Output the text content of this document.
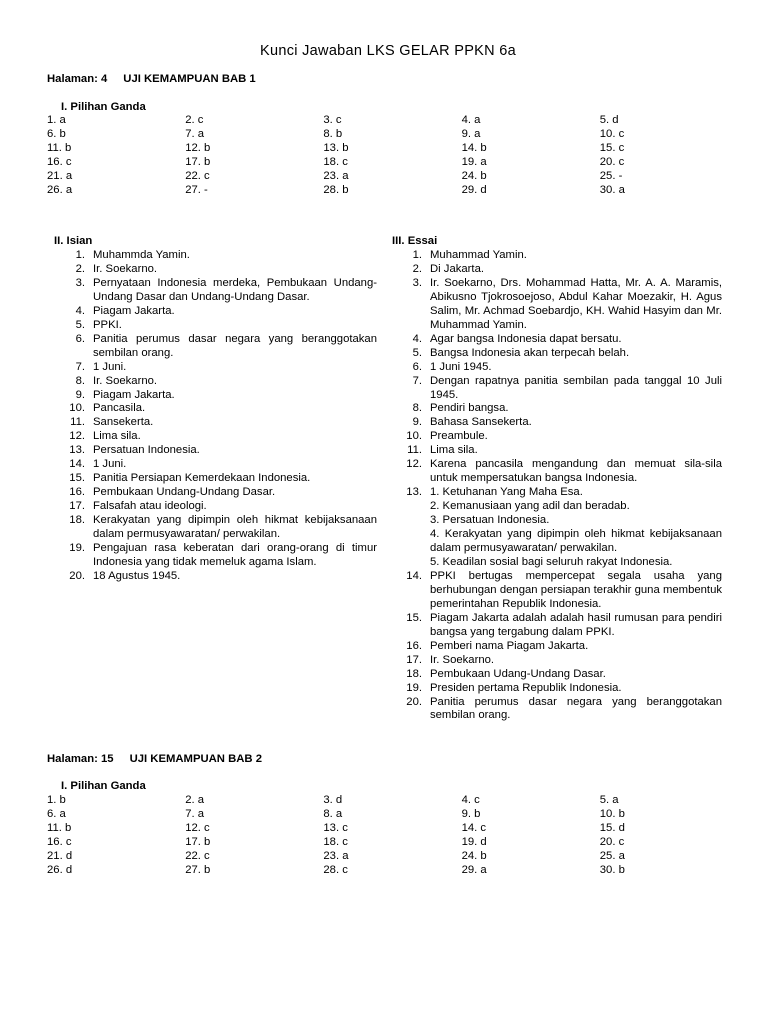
Kunci Jawaban LKS GELAR PPKN 6a
Halaman: 4 UJI KEMAMPUAN BAB 1
I. Pilihan Ganda
1. a	2. c	3. c	4. a	5. d
6. b	7. a	8. b	9. a	10. c
11. b	12. b	13. b	14. b	15. c
16. c	17. b	18. c	19. a	20. c
21. a	22. c	23. a	24. b	25. -
26. a	27. -	28. b	29. d	30. a
II. Isian
1. Muhammda Yamin.
2. Ir. Soekarno.
3. Pernyataan Indonesia merdeka, Pembukaan Undang-Undang Dasar dan Undang-Undang Dasar.
4. Piagam Jakarta.
5. PPKI.
6. Panitia perumus dasar negara yang beranggotakan sembilan orang.
7. 1 Juni.
8. Ir. Soekarno.
9. Piagam Jakarta.
10. Pancasila.
11. Sansekerta.
12. Lima sila.
13. Persatuan Indonesia.
14. 1 Juni.
15. Panitia Persiapan Kemerdekaan Indonesia.
16. Pembukaan Undang-Undang Dasar.
17. Falsafah atau ideologi.
18. Kerakyatan yang dipimpin oleh hikmat kebijaksanaan dalam permusyawaratan/ perwakilan.
19. Pengajuan rasa keberatan dari orang-orang di timur Indonesia yang tidak memeluk agama Islam.
20. 18 Agustus 1945.
III. Essai
1. Muhammad Yamin.
2. Di Jakarta.
3. Ir. Soekarno, Drs. Mohammad Hatta, Mr. A. A. Maramis, Abikusno Tjokrosoejoso, Abdul Kahar Moezakir, H. Agus Salim, Mr. Achmad Soebardjo, KH. Wahid Hasyim dan Mr. Muhammad Yamin.
4. Agar bangsa Indonesia dapat bersatu.
5. Bangsa Indonesia akan terpecah belah.
6. 1 Juni 1945.
7. Dengan rapatnya panitia sembilan pada tanggal 10 Juli 1945.
8. Pendiri bangsa.
9. Bahasa Sansekerta.
10. Preambule.
11. Lima sila.
12. Karena pancasila mengandung dan memuat sila-sila untuk mempersatukan bangsa Indonesia.
13. 1. Ketuhanan Yang Maha Esa.
2. Kemanusiaan yang adil dan beradab.
3. Persatuan Indonesia.
4. Kerakyatan yang dipimpin oleh hikmat kebijaksanaan dalam permusyawaratan/ perwakilan.
5. Keadilan sosial bagi seluruh rakyat Indonesia.
14. PPKI bertugas mempercepat segala usaha yang berhubungan dengan persiapan terakhir guna membentuk pemerintahan Republik Indonesia.
15. Piagam Jakarta adalah adalah hasil rumusan para pendiri bangsa yang tergabung dalam PPKI.
16. Pemberi nama Piagam Jakarta.
17. Ir. Soekarno.
18. Pembukaan Udang-Undang Dasar.
19. Presiden pertama Republik Indonesia.
20. Panitia perumus dasar negara yang beranggotakan sembilan orang.
Halaman: 15 UJI KEMAMPUAN BAB 2
I. Pilihan Ganda
1. b	2. a	3. d	4. c	5. a
6. a	7. a	8. a	9. b	10. b
11. b	12. c	13. c	14. c	15. d
16. c	17. b	18. c	19. d	20. c
21. d	22. c	23. a	24. b	25. a
26. d	27. b	28. c	29. a	30. b
